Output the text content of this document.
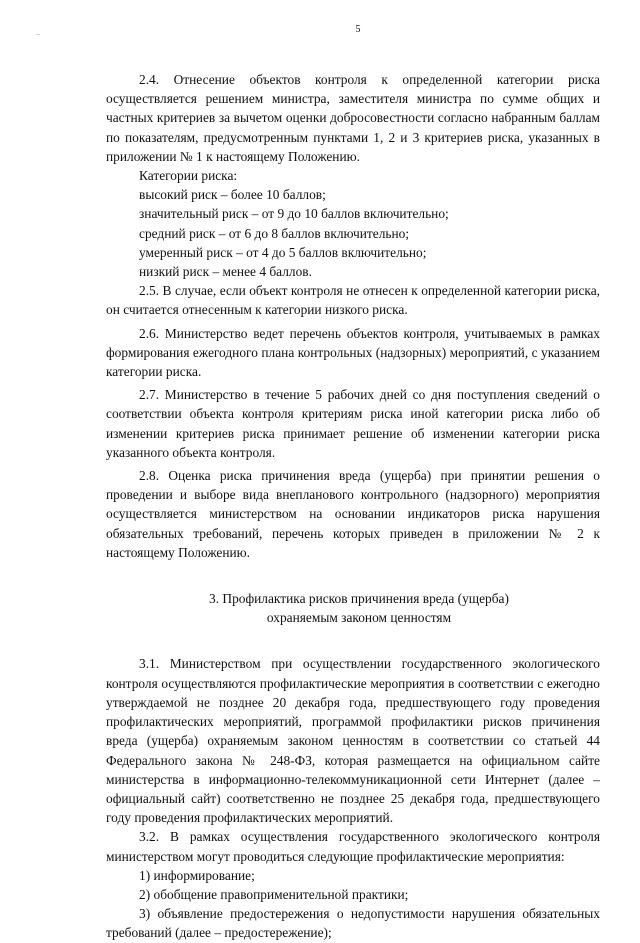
5

2.4. Отнесение объектов контроля к определенной категории риска осуществляется решением министра, заместителя министра по сумме общих и частных критериев за вычетом оценки добросовестности согласно набранным баллам по показателям, предусмотренным пунктами 1, 2 и 3 критериев риска, указанных в приложении № 1 к настоящему Положению.

Категории риска:

высокий риск – более 10 баллов;

значительный риск – от 9 до 10 баллов включительно;

средний риск – от 6 до 8 баллов включительно;

умеренный риск – от 4 до 5 баллов включительно;

низкий риск – менее 4 баллов.

2.5. В случае, если объект контроля не отнесен к определенной категории риска, он считается отнесенным к категории низкого риска.

2.6. Министерство ведет перечень объектов контроля, учитываемых в рамках формирования ежегодного плана контрольных (надзорных) мероприятий, с указанием категории риска.

2.7. Министерство в течение 5 рабочих дней со дня поступления сведений о соответствии объекта контроля критериям риска иной категории риска либо об изменении критериев риска принимает решение об изменении категории риска указанного объекта контроля.

2.8. Оценка риска причинения вреда (ущерба) при принятии решения о проведении и выборе вида внепланового контрольного (надзорного) мероприятия осуществляется министерством на основании индикаторов риска нарушения обязательных требований, перечень которых приведен в приложении № 2 к настоящему Положению.

3. Профилактика рисков причинения вреда (ущерба)
охраняемым законом ценностям

3.1. Министерством при осуществлении государственного экологического контроля осуществляются профилактические мероприятия в соответствии с ежегодно утверждаемой не позднее 20 декабря года, предшествующего году проведения профилактических мероприятий, программой профилактики рисков причинения вреда (ущерба) охраняемым законом ценностям в соответствии со статьей 44 Федерального закона № 248-ФЗ, которая размещается на официальном сайте министерства в информационно-телекоммуникационной сети Интернет (далее – официальный сайт) соответственно не позднее 25 декабря года, предшествующего году проведения профилактических мероприятий.

3.2. В рамках осуществления государственного экологического контроля министерством могут проводиться следующие профилактические мероприятия:

1) информирование;

2) обобщение правоприменительной практики;

3) объявление предостережения о недопустимости нарушения обязательных требований (далее – предостережение);
